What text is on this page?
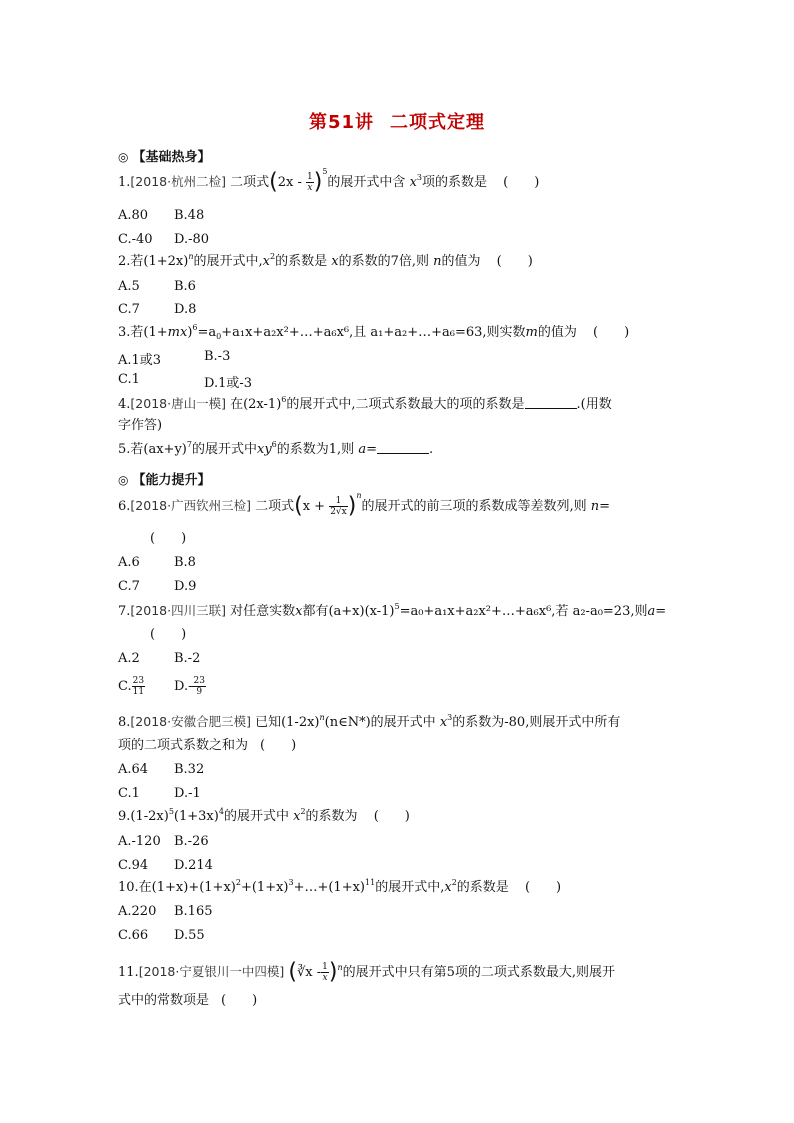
第51讲 二项式定理
◎ 【基础热身】
1.[2018·杭州二检] 二项式$(2x - \frac{1}{x} )^5$的展开式中含 $x^3$项的系数是 (　　)
A.80 B.48
C.-40 D.-80
2.若$(1+2x)^n$的展开式中$,x^2$的系数是 x的系数的7倍,则 n的值为 (　　)
A.5	B.6
C.7	D.8
3.若$(1+mx)^6=a_0+a_1x+a_2x^2+\dots+a_6x^6$,且 a₁+a₂+…+a₆=63,则实数m的值为 (　　)
A.1或3	B.-3
C.1	D.1或-3
4.[2018·唐山一模] 在$(2x-1)^6$的展开式中,二项式系数最大的项的系数是	.(用数
字作答)
5.若$(ax+y)^7$的展开式中$xy^6$的系数为1,则 a=	.
◎ 【能力提升】
6.[2018·广西钦州三检] 二项式$(x + \frac{1}{2√x} )^n$的展开式的前三项的系数成等差数列,则 n=
(　　)
A.6	B.8
C.7	D.9
7.[2018·四川三联] 对任意实数x都有$(a+x)(x-1)^5=a_0+a_1x+a_2x^2+\dots+a_6x^6$,若 a₂-a₀=23,则a=
(　　)
A.2	B.-2
C. $\frac{23}{11} D.- \frac{23}{9}$
8.[2018·安徽合肥三模] 已知$(1-2x)^n(n\in N*)$的展开式中 $x^3$的系数为-80,则展开式中所有
项的二项式系数之和为 (　　)
A.64 B.32
C.1	D.-1
$9.(1-2x)^5(1+3x)^4$的展开式中 $x^2$的系数为 (　　)
A.-120 B.-26
C.94 D.214
10.在$(1+x)+(1+x)^2+(1+x)^3+\dots+(1+x)^{11}$的展开式中$,x^2$的系数是 (　　)
A.220 B.165
C.66 D.55
11.[2018·宁夏银川一中四模] (∛x - $\frac{1}{x} )^n$的展开式中只有第5项的二项式系数最大,则展开
式中的常数项是 (　　)
